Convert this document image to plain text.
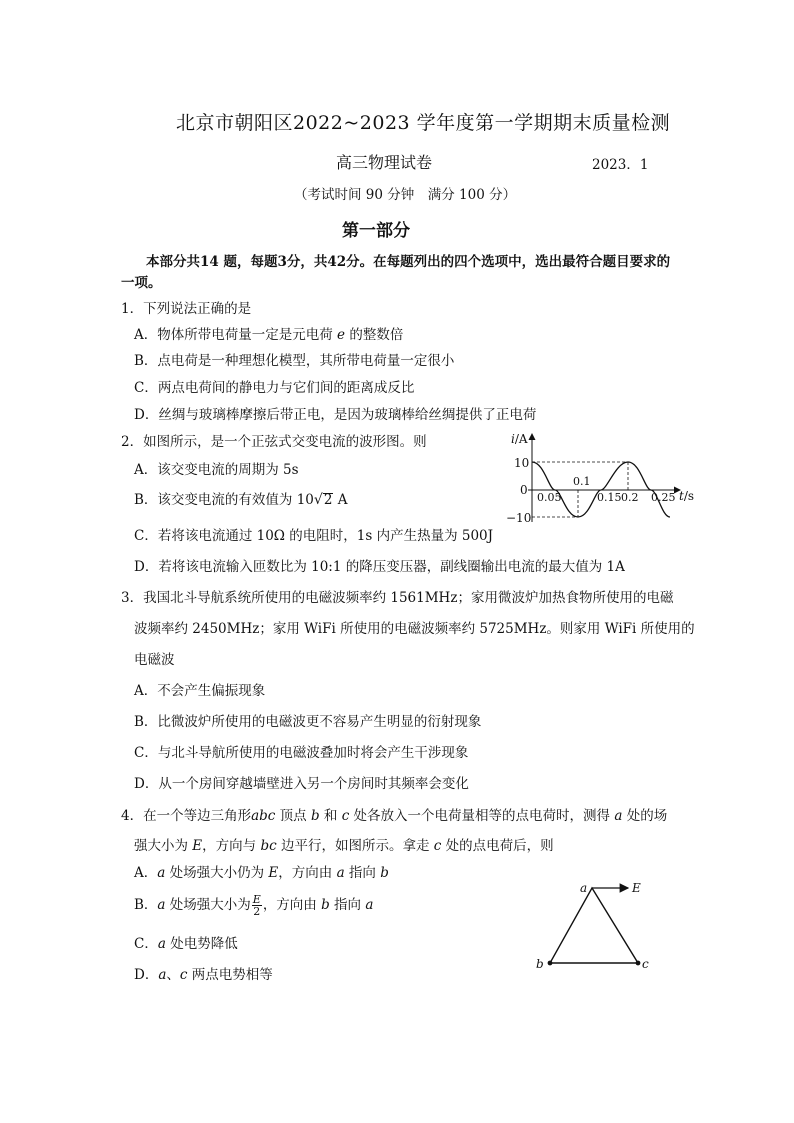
北京市朝阳区2022~2023 学年度第一学期期末质量检测
高三物理试卷	2023．1
（考试时间 90 分钟　满分 100 分）
第一部分
本部分共14 题，每题3分，共42分。在每题列出的四个选项中，选出最符合题目要求的
一项。
1．下列说法正确的是
A．物体所带电荷量一定是元电荷 e 的整数倍
B．点电荷是一种理想化模型，其所带电荷量一定很小
C．两点电荷间的静电力与它们间的距离成反比
D．丝绸与玻璃棒摩擦后带正电，是因为玻璃棒给丝绸提供了正电荷
2．如图所示，是一个正弦式交变电流的波形图。则
A．该交变电流的周期为 5s
B．该交变电流的有效值为 10√2 A
C．若将该电流通过 10Ω 的电阻时，1s 内产生热量为 500J
D．若将该电流输入匝数比为 10:1 的降压变压器，副线圈输出电流的最大值为 1A
i/A
t/s
10
0
−10
0.05
0.1
0.15 0.2 0.25
3．我国北斗导航系统所使用的电磁波频率约 1561MHz；家用微波炉加热食物所使用的电磁
波频率约 2450MHz；家用 WiFi 所使用的电磁波频率约 5725MHz。则家用 WiFi 所使用的
电磁波
A．不会产生偏振现象
B．比微波炉所使用的电磁波更不容易产生明显的衍射现象
C．与北斗导航所使用的电磁波叠加时将会产生干涉现象
D．从一个房间穿越墙壁进入另一个房间时其频率会变化
4．在一个等边三角形abc 顶点 b 和 c 处各放入一个电荷量相等的点电荷时，测得 a 处的场
强大小为 E，方向与 bc 边平行，如图所示。拿走 c 处的点电荷后，则
A．a 处场强大小仍为 E，方向由 a 指向 b
B．a 处场强大小为 $\frac{E}{2}$ ，方向由 b 指向 a
C．a 处电势降低
D．a、c 两点电势相等
a	E
b	c
